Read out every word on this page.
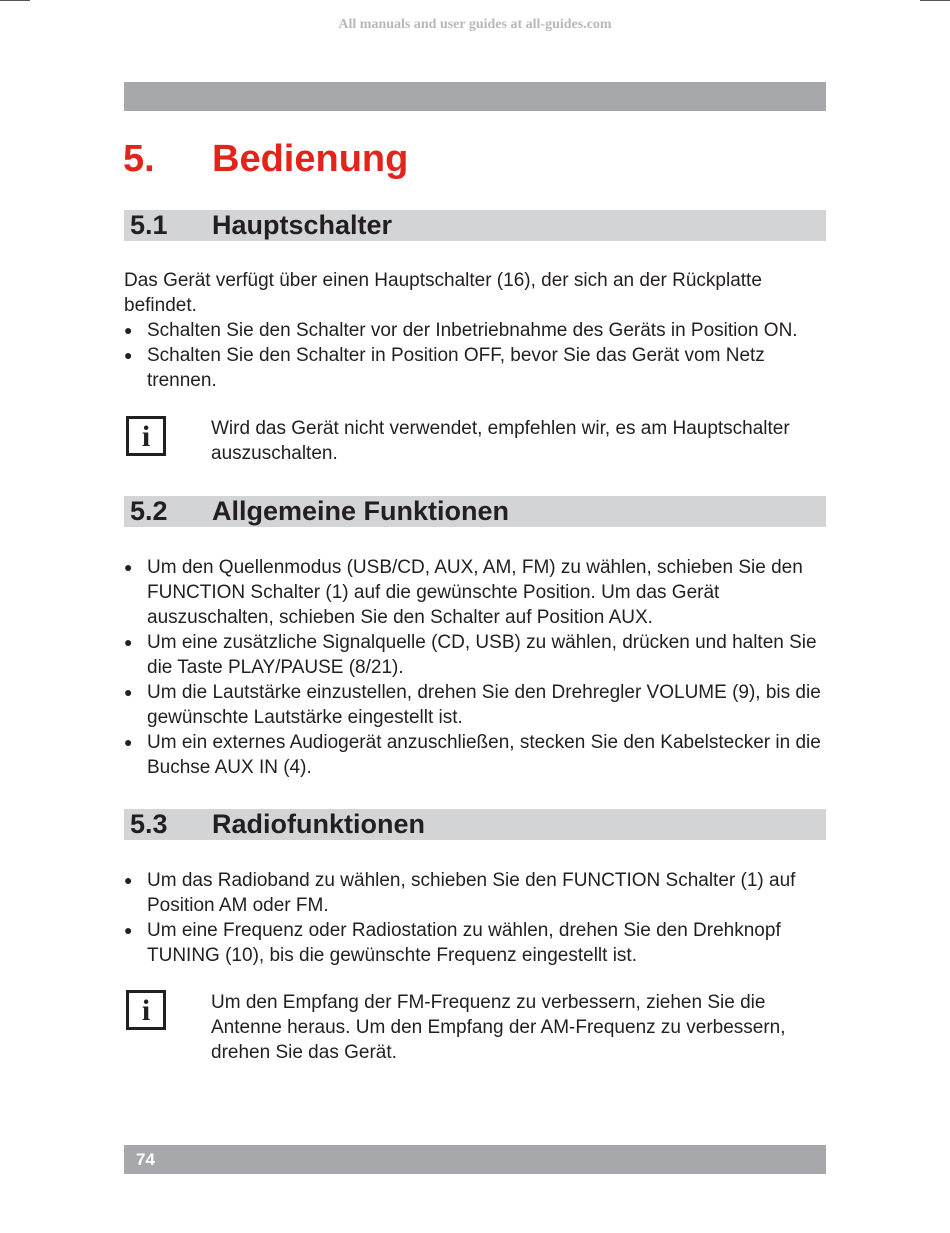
All manuals and user guides at all-guides.com
5. Bedienung
5.1 Hauptschalter

Das Gerät verfügt über einen Hauptschalter (16), der sich an der Rückplatte befindet.

● Schalten Sie den Schalter vor der Inbetriebnahme des Geräts in Position ON.
● Schalten Sie den Schalter in Position OFF, bevor Sie das Gerät vom Netz trennen.
i	Wird das Gerät nicht verwendet, empfehlen wir, es am Hauptschalter auszuschalten.

5.2 Allgemeine Funktionen
● Um den Quellenmodus (USB/CD, AUX, AM, FM) zu wählen, schieben Sie den FUNCTION Schalter (1) auf die gewünschte Position. Um das Gerät auszuschalten, schieben Sie den Schalter auf Position AUX.
● Um eine zusätzliche Signalquelle (CD, USB) zu wählen, drücken und halten Sie die Taste PLAY/PAUSE (8/21).
● Um die Lautstärke einzustellen, drehen Sie den Drehregler VOLUME (9), bis die gewünschte Lautstärke eingestellt ist.
● Um ein externes Audiogerät anzuschließen, stecken Sie den Kabelstecker in die Buchse AUX IN (4).
5.3 Radiofunktionen
● Um das Radioband zu wählen, schieben Sie den FUNCTION Schalter (1) auf Position AM oder FM.
● Um eine Frequenz oder Radiostation zu wählen, drehen Sie den Drehknopf TUNING (10), bis die gewünschte Frequenz eingestellt ist.
i	Um den Empfang der FM-Frequenz zu verbessern, ziehen Sie die Antenne heraus. Um den Empfang der AM-Frequenz zu verbessern, drehen Sie das Gerät.

74
